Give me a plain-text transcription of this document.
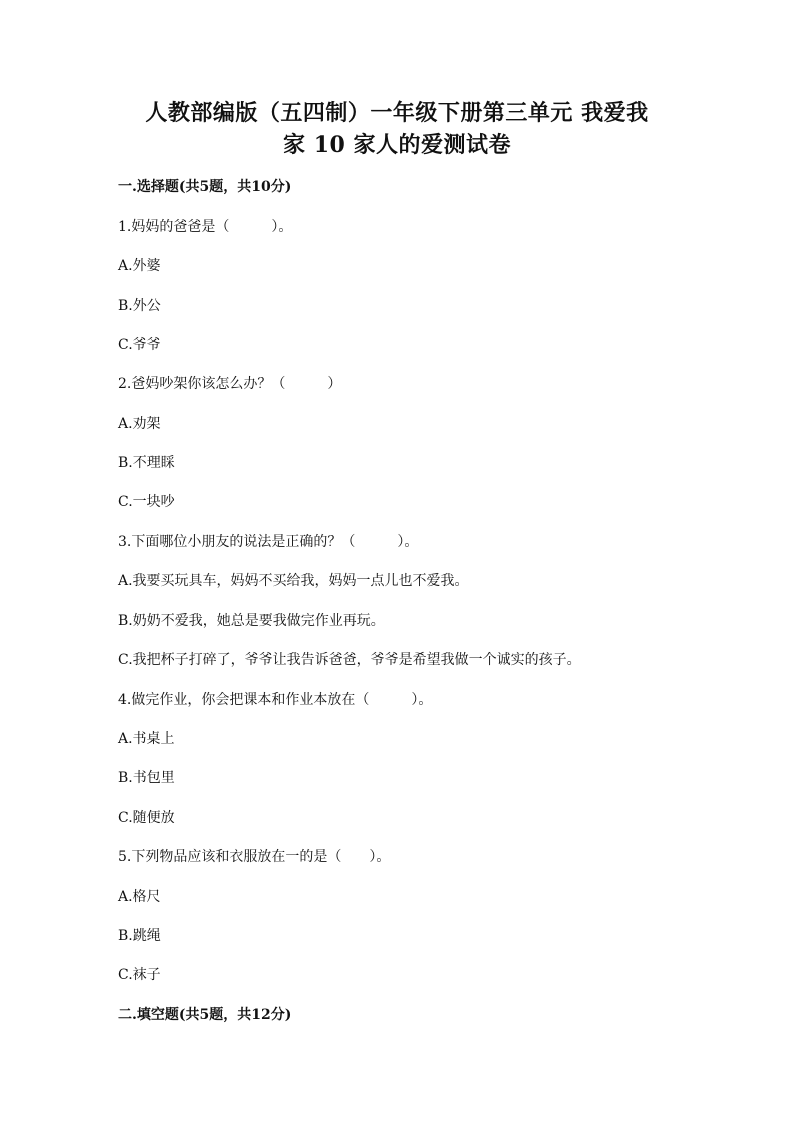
人教部编版（五四制）一年级下册第三单元 我爱我
家 10 家人的爱测试卷
一.选择题(共5题，共10分)
1.妈妈的爸爸是（　　　）。
A.外婆
B.外公
C.爷爷
2.爸妈吵架你该怎么办？（　　　）
A.劝架
B.不理睬
C.一块吵
3.下面哪位小朋友的说法是正确的？（　　　）。
A.我要买玩具车，妈妈不买给我，妈妈一点儿也不爱我。
B.奶奶不爱我，她总是要我做完作业再玩。
C.我把杯子打碎了，爷爷让我告诉爸爸，爷爷是希望我做一个诚实的孩子。
4.做完作业，你会把课本和作业本放在（　　　）。
A.书桌上
B.书包里
C.随便放
5.下列物品应该和衣服放在一的是（　　）。
A.格尺
B.跳绳
C.袜子
二.填空题(共5题，共12分)
